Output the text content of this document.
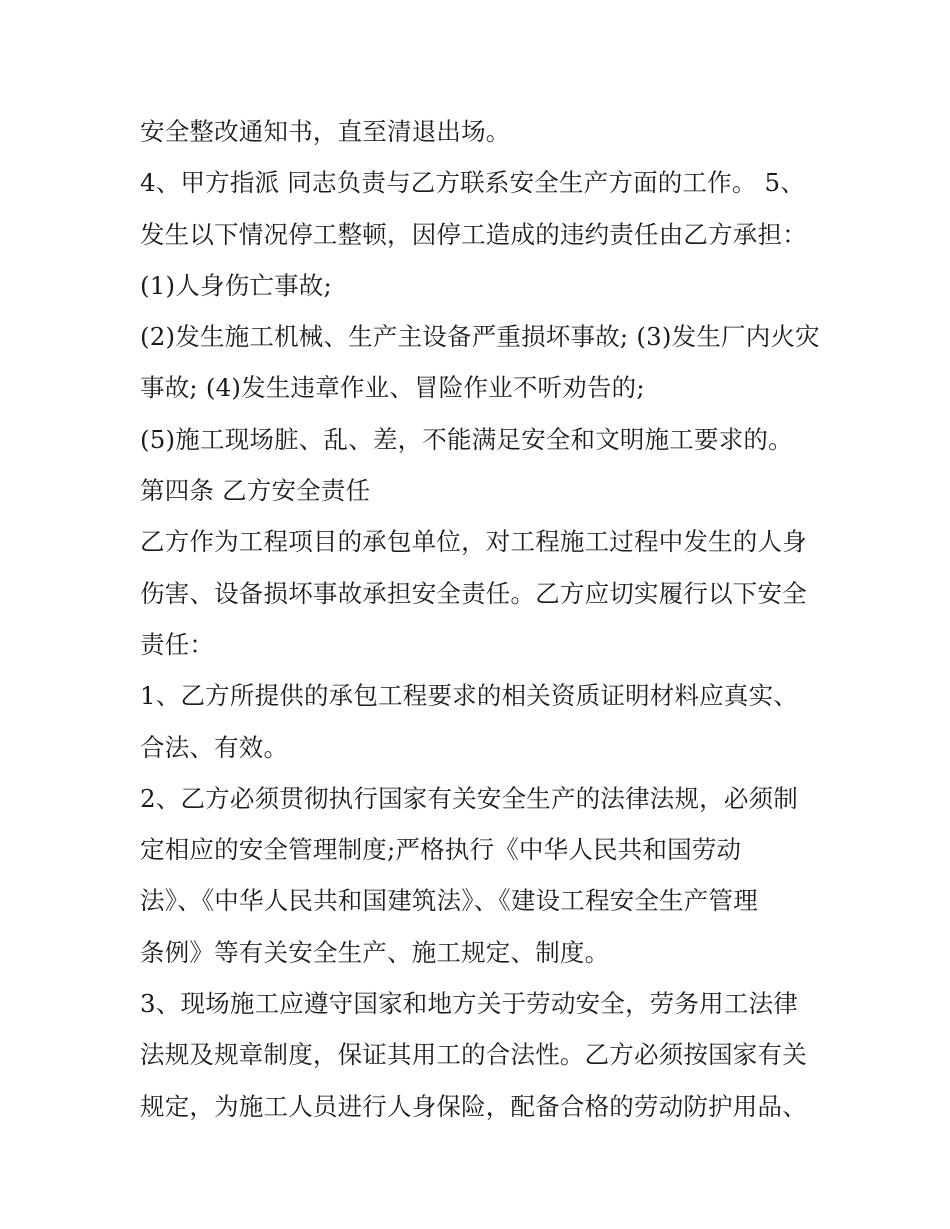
安全整改通知书，直至清退出场。
4、甲方指派 同志负责与乙方联系安全生产方面的工作。 5、
发生以下情况停工整顿，因停工造成的违约责任由乙方承担：
(1)人身伤亡事故;
(2)发生施工机械、生产主设备严重损坏事故; (3)发生厂内火灾
事故; (4)发生违章作业、冒险作业不听劝告的;
(5)施工现场脏、乱、差，不能满足安全和文明施工要求的。
第四条 乙方安全责任
乙方作为工程项目的承包单位，对工程施工过程中发生的人身
伤害、设备损坏事故承担安全责任。乙方应切实履行以下安全
责任：
1、乙方所提供的承包工程要求的相关资质证明材料应真实、
合法、有效。
2、乙方必须贯彻执行国家有关安全生产的法律法规，必须制
定相应的安全管理制度;严格执行《中华人民共和国劳动
法》、《中华人民共和国建筑法》、《建设工程安全生产管理
条例》等有关安全生产、施工规定、制度。
3、现场施工应遵守国家和地方关于劳动安全，劳务用工法律
法规及规章制度，保证其用工的合法性。乙方必须按国家有关
规定，为施工人员进行人身保险，配备合格的劳动防护用品、
